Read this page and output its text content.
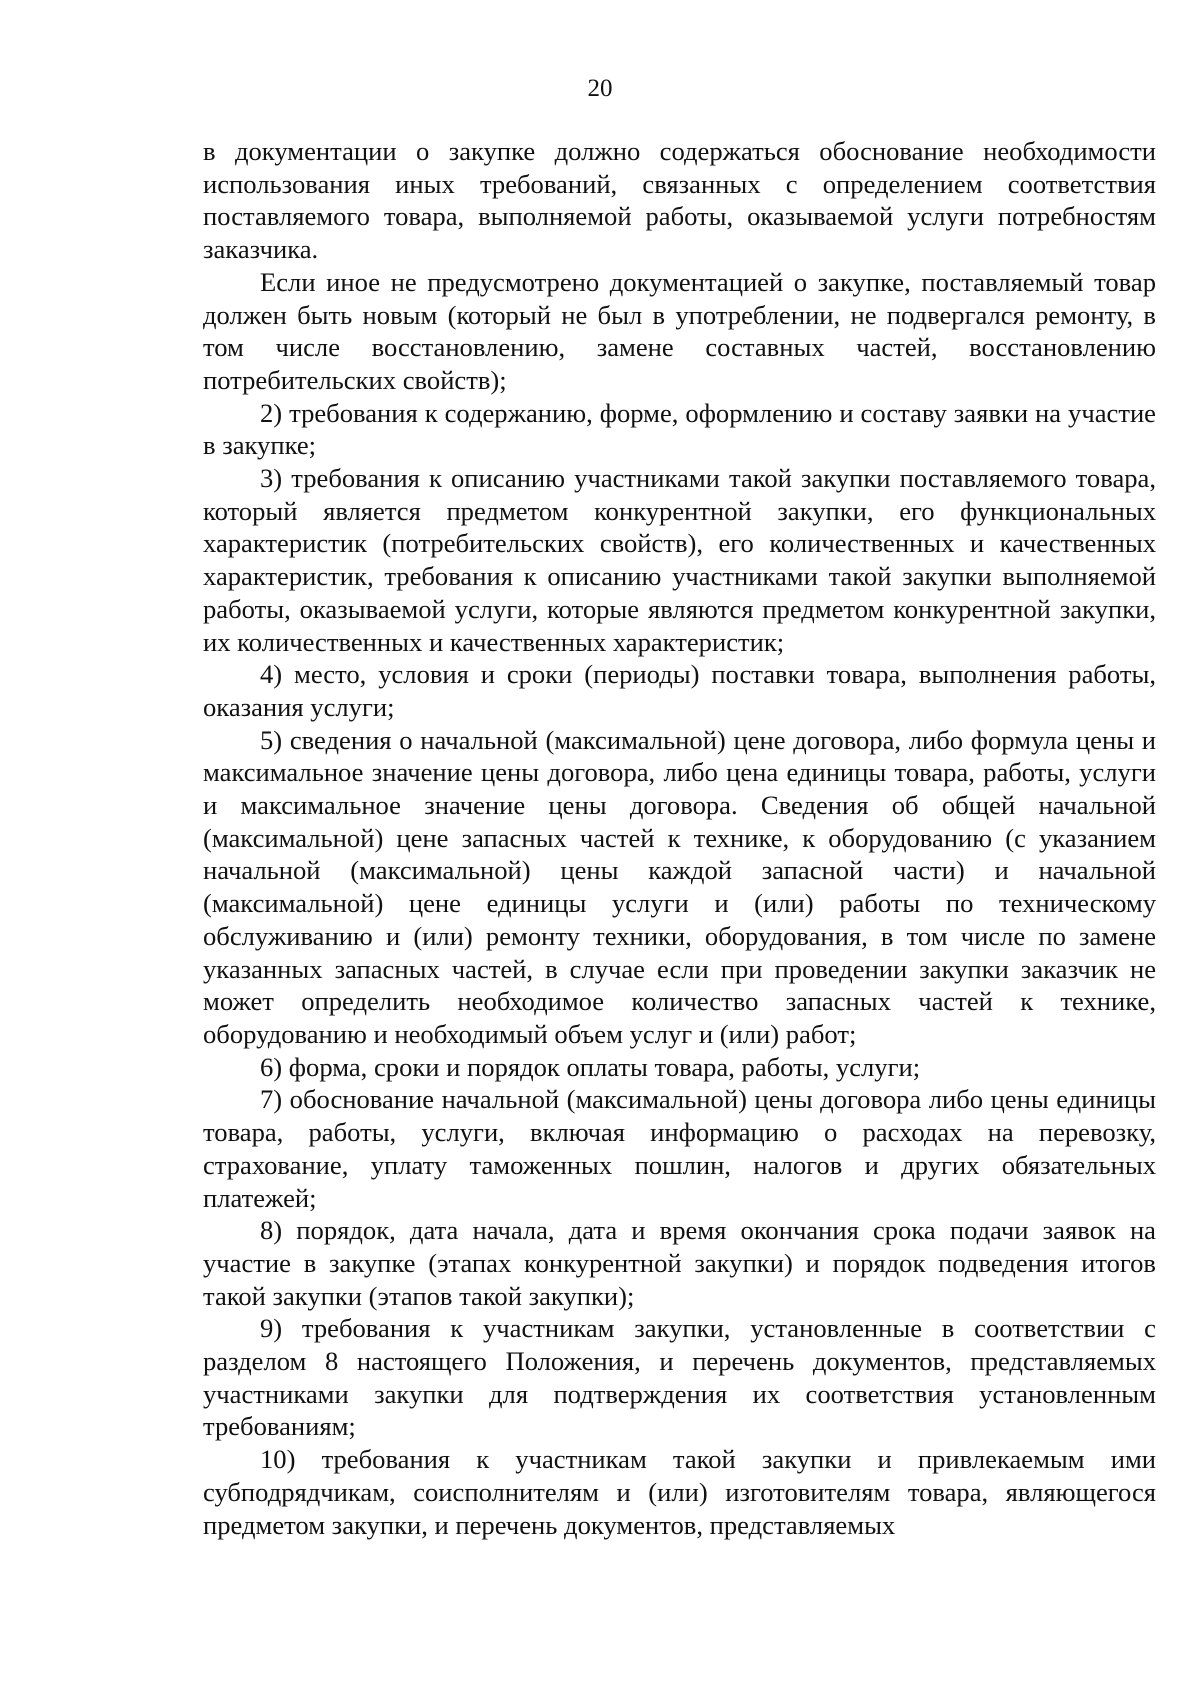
20

в документации о закупке должно содержаться обоснование необходимости использования иных требований, связанных с определением соответствия поставляемого товара, выполняемой работы, оказываемой услуги потребностям заказчика.

Если иное не предусмотрено документацией о закупке, поставляемый товар должен быть новым (который не был в употреблении, не подвергался ремонту, в том числе восстановлению, замене составных частей, восстановлению потребительских свойств);

2) требования к содержанию, форме, оформлению и составу заявки на участие в закупке;

3) требования к описанию участниками такой закупки поставляемого товара, который является предметом конкурентной закупки, его функциональных характеристик (потребительских свойств), его количественных и качественных характеристик, требования к описанию участниками такой закупки выполняемой работы, оказываемой услуги, которые являются предметом конкурентной закупки, их количественных и качественных характеристик;

4) место, условия и сроки (периоды) поставки товара, выполнения работы, оказания услуги;

5) сведения о начальной (максимальной) цене договора, либо формула цены и максимальное значение цены договора, либо цена единицы товара, работы, услуги и максимальное значение цены договора. Сведения об общей начальной (максимальной) цене запасных частей к технике, к оборудованию (с указанием начальной (максимальной) цены каждой запасной части) и начальной (максимальной) цене единицы услуги и (или) работы по техническому обслуживанию и (или) ремонту техники, оборудования, в том числе по замене указанных запасных частей, в случае если при проведении закупки заказчик не может определить необходимое количество запасных частей к технике, оборудованию и необходимый объем услуг и (или) работ;

6) форма, сроки и порядок оплаты товара, работы, услуги;

7) обоснование начальной (максимальной) цены договора либо цены единицы товара, работы, услуги, включая информацию о расходах на перевозку, страхование, уплату таможенных пошлин, налогов и других обязательных платежей;

8) порядок, дата начала, дата и время окончания срока подачи заявок на участие в закупке (этапах конкурентной закупки) и порядок подведения итогов такой закупки (этапов такой закупки);

9) требования к участникам закупки, установленные в соответствии с разделом 8 настоящего Положения, и перечень документов, представляемых участниками закупки для подтверждения их соответствия установленным требованиям;

10) требования к участникам такой закупки и привлекаемым ими субподрядчикам, соисполнителям и (или) изготовителям товара, являющегося предметом закупки, и перечень документов, представляемых
